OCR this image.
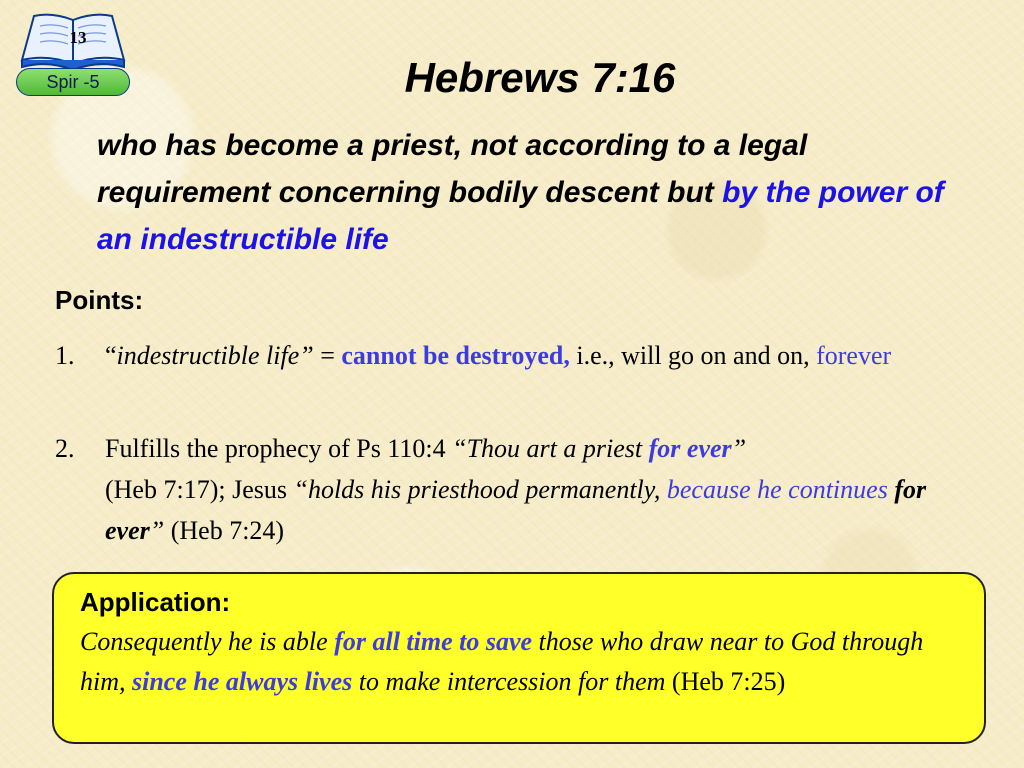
13
Spir -5	Hebrews 7:16
who has become a priest, not according to a legal requirement concerning bodily descent but by the power of an indestructible life
Points:
1.	“indestructible life” = cannot be destroyed, i.e., will go on and on, forever
2.	Fulfills the prophecy of Ps 110:4 “Thou art a priest for ever”
(Heb 7:17); Jesus “holds his priesthood permanently, because he continues for ever” (Heb 7:24)
Application:
Consequently he is able for all time to save those who draw near to God through him, since he always lives to make intercession for them (Heb 7:25)
